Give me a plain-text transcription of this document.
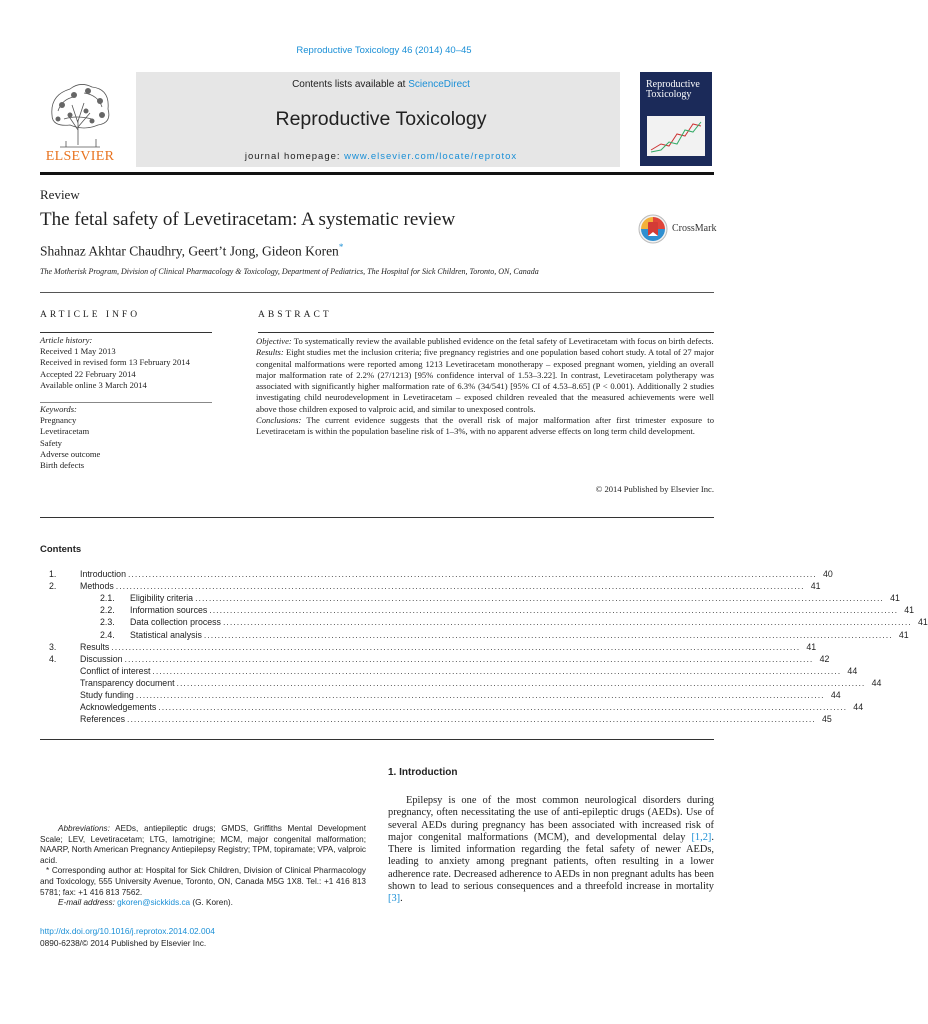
Reproductive Toxicology 46 (2014) 40–45
Contents lists available at ScienceDirect
Reproductive Toxicology
journal homepage: www.elsevier.com/locate/reprotox
ELSEVIER
Reproductive Toxicology
Review
The fetal safety of Levetiracetam: A systematic review	CrossMark
Shahnaz Akhtar Chaudhry, Geert’t Jong, Gideon Koren*
The Motherisk Program, Division of Clinical Pharmacology & Toxicology, Department of Pediatrics, The Hospital for Sick Children, Toronto, ON, Canada
ARTICLE INFO
Article history:
Received 1 May 2013
Received in revised form 13 February 2014
Accepted 22 February 2014
Available online 3 March 2014
Keywords:
Pregnancy
Levetiracetam
Safety
Adverse outcome
Birth defects
ABSTRACT

Objective: To systematically review the available published evidence on the fetal safety of Levetiracetam with focus on birth defects.

Results: Eight studies met the inclusion criteria; five pregnancy registries and one population based cohort study. A total of 27 major congenital malformations were reported among 1213 Levetiracetam monotherapy – exposed pregnant women, yielding an overall major malformation rate of 2.2% (27/1213) [95% confidence interval of 1.53–3.22]. In contrast, Levetiracetam polytherapy was associated with significantly higher malformation rate of 6.3% (34/541) [95% CI of 4.53–8.65] (P < 0.001). Additionally 2 studies investigating child neurodevelopment in Levetiracetam – exposed children revealed that the measured achievements were well above those children exposed to valproic acid, and similar to unexposed controls.

Conclusions: The current evidence suggests that the overall risk of major malformation after first trimester exposure to Levetiracetam is within the population baseline risk of 1–3%, with no apparent adverse effects on long term child development.

© 2014 Published by Elsevier Inc.
Contents
1.	Introduction ........................................................................................................................................................................................................ 40
2.	Methods ........................................................................................................................................................................................................ 41
2.1.	Eligibility criteria ........................................................................................................................................................................................................ 41
2.2.	Information sources ........................................................................................................................................................................................................ 41
2.3.	Data collection process ........................................................................................................................................................................................................ 41
2.4.	Statistical analysis ........................................................................................................................................................................................................ 41
3.	Results ........................................................................................................................................................................................................ 41
4.	Discussion ........................................................................................................................................................................................................ 42
Conflict of interest ........................................................................................................................................................................................................ 44
Transparency document ........................................................................................................................................................................................................ 44
Study funding ........................................................................................................................................................................................................ 44
Acknowledgements ........................................................................................................................................................................................................ 44
References ........................................................................................................................................................................................................ 45
1. Introduction
Epilepsy is one of the most common neurological disorders during pregnancy, often necessitating the use of anti-epileptic drugs (AEDs). Use of several AEDs during pregnancy has been associated with increased risk of major congenital malformations (MCM), and developmental delay [1,2]. There is limited information regarding the fetal safety of newer AEDs, leading to anxiety among pregnant patients, often resulting in a lower adherence rate. Decreased adherence to AEDs in non pregnant adults has been shown to lead to serious consequences and a threefold increase in mortality [3].

Abbreviations: AEDs, antiepileptic drugs; GMDS, Griffiths Mental Development Scale; LEV, Levetiracetam; LTG, lamotrigine; MCM, major congenital malformation; NAARP, North American Pregnancy Antiepilepsy Registry; TPM, topiramate; VPA, valproic acid.

* Corresponding author at: Hospital for Sick Children, Division of Clinical Pharmacology and Toxicology, 555 University Avenue, Toronto, ON, Canada M5G 1X8. Tel.: +1 416 813 5781; fax: +1 416 813 7562.

E-mail address: gkoren@sickkids.ca (G. Koren).

http://dx.doi.org/10.1016/j.reprotox.2014.02.004
0890-6238/© 2014 Published by Elsevier Inc.
